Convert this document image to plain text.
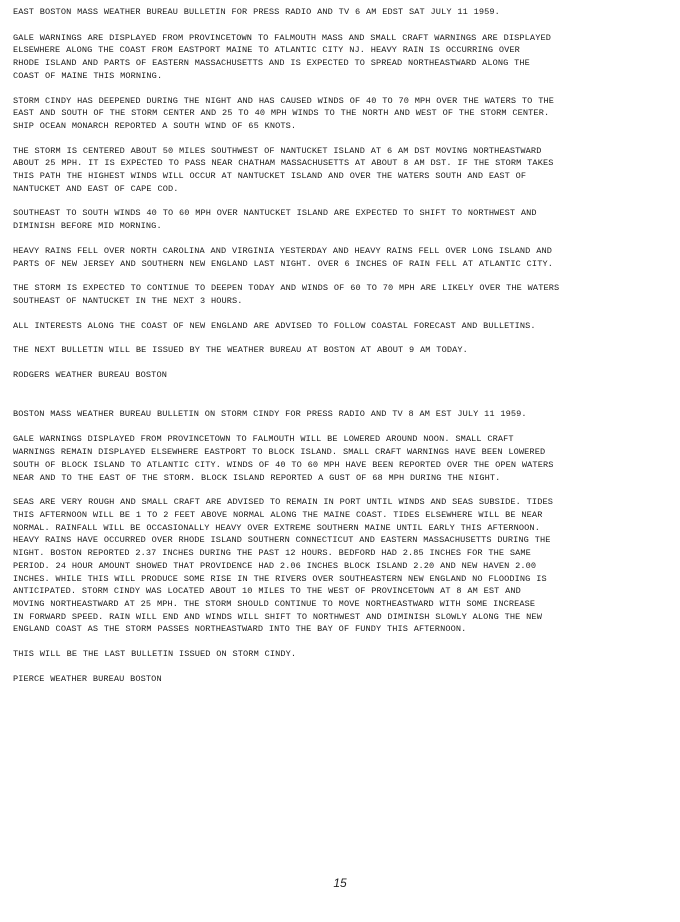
EAST BOSTON MASS WEATHER BUREAU BULLETIN FOR PRESS RADIO AND TV 6 AM EDST SAT JULY 11 1959.

GALE WARNINGS ARE DISPLAYED FROM PROVINCETOWN TO FALMOUTH MASS AND SMALL CRAFT WARNINGS ARE DISPLAYED
ELSEWHERE ALONG THE COAST FROM EASTPORT MAINE TO ATLANTIC CITY NJ. HEAVY RAIN IS OCCURRING OVER
RHODE ISLAND AND PARTS OF EASTERN MASSACHUSETTS AND IS EXPECTED TO SPREAD NORTHEASTWARD ALONG THE
COAST OF MAINE THIS MORNING.

STORM CINDY HAS DEEPENED DURING THE NIGHT AND HAS CAUSED WINDS OF 40 TO 70 MPH OVER THE WATERS TO THE
EAST AND SOUTH OF THE STORM CENTER AND 25 TO 40 MPH WINDS TO THE NORTH AND WEST OF THE STORM CENTER.
SHIP OCEAN MONARCH REPORTED A SOUTH WIND OF 65 KNOTS.

THE STORM IS CENTERED ABOUT 50 MILES SOUTHWEST OF NANTUCKET ISLAND AT 6 AM DST MOVING NORTHEASTWARD
ABOUT 25 MPH. IT IS EXPECTED TO PASS NEAR CHATHAM MASSACHUSETTS AT ABOUT 8 AM DST. IF THE STORM TAKES
THIS PATH THE HIGHEST WINDS WILL OCCUR AT NANTUCKET ISLAND AND OVER THE WATERS SOUTH AND EAST OF
NANTUCKET AND EAST OF CAPE COD.

SOUTHEAST TO SOUTH WINDS 40 TO 60 MPH OVER NANTUCKET ISLAND ARE EXPECTED TO SHIFT TO NORTHWEST AND
DIMINISH BEFORE MID MORNING.

HEAVY RAINS FELL OVER NORTH CAROLINA AND VIRGINIA YESTERDAY AND HEAVY RAINS FELL OVER LONG ISLAND AND
PARTS OF NEW JERSEY AND SOUTHERN NEW ENGLAND LAST NIGHT. OVER 6 INCHES OF RAIN FELL AT ATLANTIC CITY.

THE STORM IS EXPECTED TO CONTINUE TO DEEPEN TODAY AND WINDS OF 60 TO 70 MPH ARE LIKELY OVER THE WATERS
SOUTHEAST OF NANTUCKET IN THE NEXT 3 HOURS.

ALL INTERESTS ALONG THE COAST OF NEW ENGLAND ARE ADVISED TO FOLLOW COASTAL FORECAST AND BULLETINS.

THE NEXT BULLETIN WILL BE ISSUED BY THE WEATHER BUREAU AT BOSTON AT ABOUT 9 AM TODAY.

RODGERS WEATHER BUREAU BOSTON

BOSTON MASS WEATHER BUREAU BULLETIN ON STORM CINDY FOR PRESS RADIO AND TV 8 AM EST JULY 11 1959.

GALE WARNINGS DISPLAYED FROM PROVINCETOWN TO FALMOUTH WILL BE LOWERED AROUND NOON. SMALL CRAFT
WARNINGS REMAIN DISPLAYED ELSEWHERE EASTPORT TO BLOCK ISLAND. SMALL CRAFT WARNINGS HAVE BEEN LOWERED
SOUTH OF BLOCK ISLAND TO ATLANTIC CITY. WINDS OF 40 TO 60 MPH HAVE BEEN REPORTED OVER THE OPEN WATERS
NEAR AND TO THE EAST OF THE STORM. BLOCK ISLAND REPORTED A GUST OF 68 MPH DURING THE NIGHT.

SEAS ARE VERY ROUGH AND SMALL CRAFT ARE ADVISED TO REMAIN IN PORT UNTIL WINDS AND SEAS SUBSIDE. TIDES
THIS AFTERNOON WILL BE 1 TO 2 FEET ABOVE NORMAL ALONG THE MAINE COAST. TIDES ELSEWHERE WILL BE NEAR
NORMAL. RAINFALL WILL BE OCCASIONALLY HEAVY OVER EXTREME SOUTHERN MAINE UNTIL EARLY THIS AFTERNOON.
HEAVY RAINS HAVE OCCURRED OVER RHODE ISLAND SOUTHERN CONNECTICUT AND EASTERN MASSACHUSETTS DURING THE
NIGHT. BOSTON REPORTED 2.37 INCHES DURING THE PAST 12 HOURS. BEDFORD HAD 2.85 INCHES FOR THE SAME
PERIOD. 24 HOUR AMOUNT SHOWED THAT PROVIDENCE HAD 2.06 INCHES BLOCK ISLAND 2.20 AND NEW HAVEN 2.00
INCHES. WHILE THIS WILL PRODUCE SOME RISE IN THE RIVERS OVER SOUTHEASTERN NEW ENGLAND NO FLOODING IS
ANTICIPATED. STORM CINDY WAS LOCATED ABOUT 10 MILES TO THE WEST OF PROVINCETOWN AT 8 AM EST AND
MOVING NORTHEASTWARD AT 25 MPH. THE STORM SHOULD CONTINUE TO MOVE NORTHEASTWARD WITH SOME INCREASE
IN FORWARD SPEED. RAIN WILL END AND WINDS WILL SHIFT TO NORTHWEST AND DIMINISH SLOWLY ALONG THE NEW
ENGLAND COAST AS THE STORM PASSES NORTHEASTWARD INTO THE BAY OF FUNDY THIS AFTERNOON.

THIS WILL BE THE LAST BULLETIN ISSUED ON STORM CINDY.

PIERCE WEATHER BUREAU BOSTON

15
